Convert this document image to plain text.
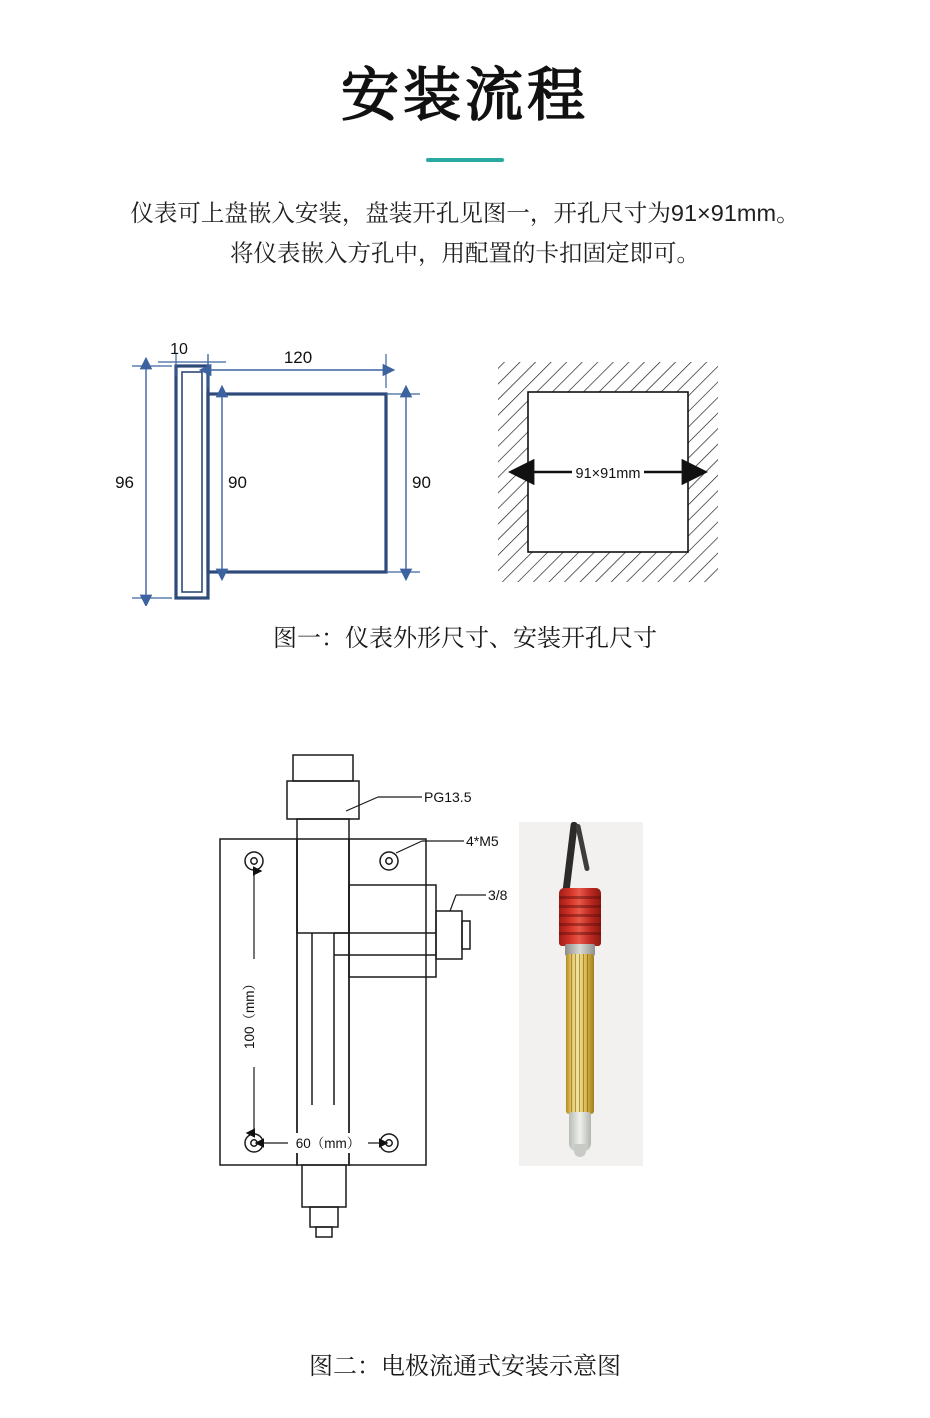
安装流程
仪表可上盘嵌入安装，盘装开孔见图一，开孔尺寸为91×91mm。
将仪表嵌入方孔中，用配置的卡扣固定即可。
10	120
96	90	90	91×91mm
图一：仪表外形尺寸、安装开孔尺寸
100（mm）
60（mm）
PG13.5
4*M5
3/8
图二：电极流通式安装示意图
